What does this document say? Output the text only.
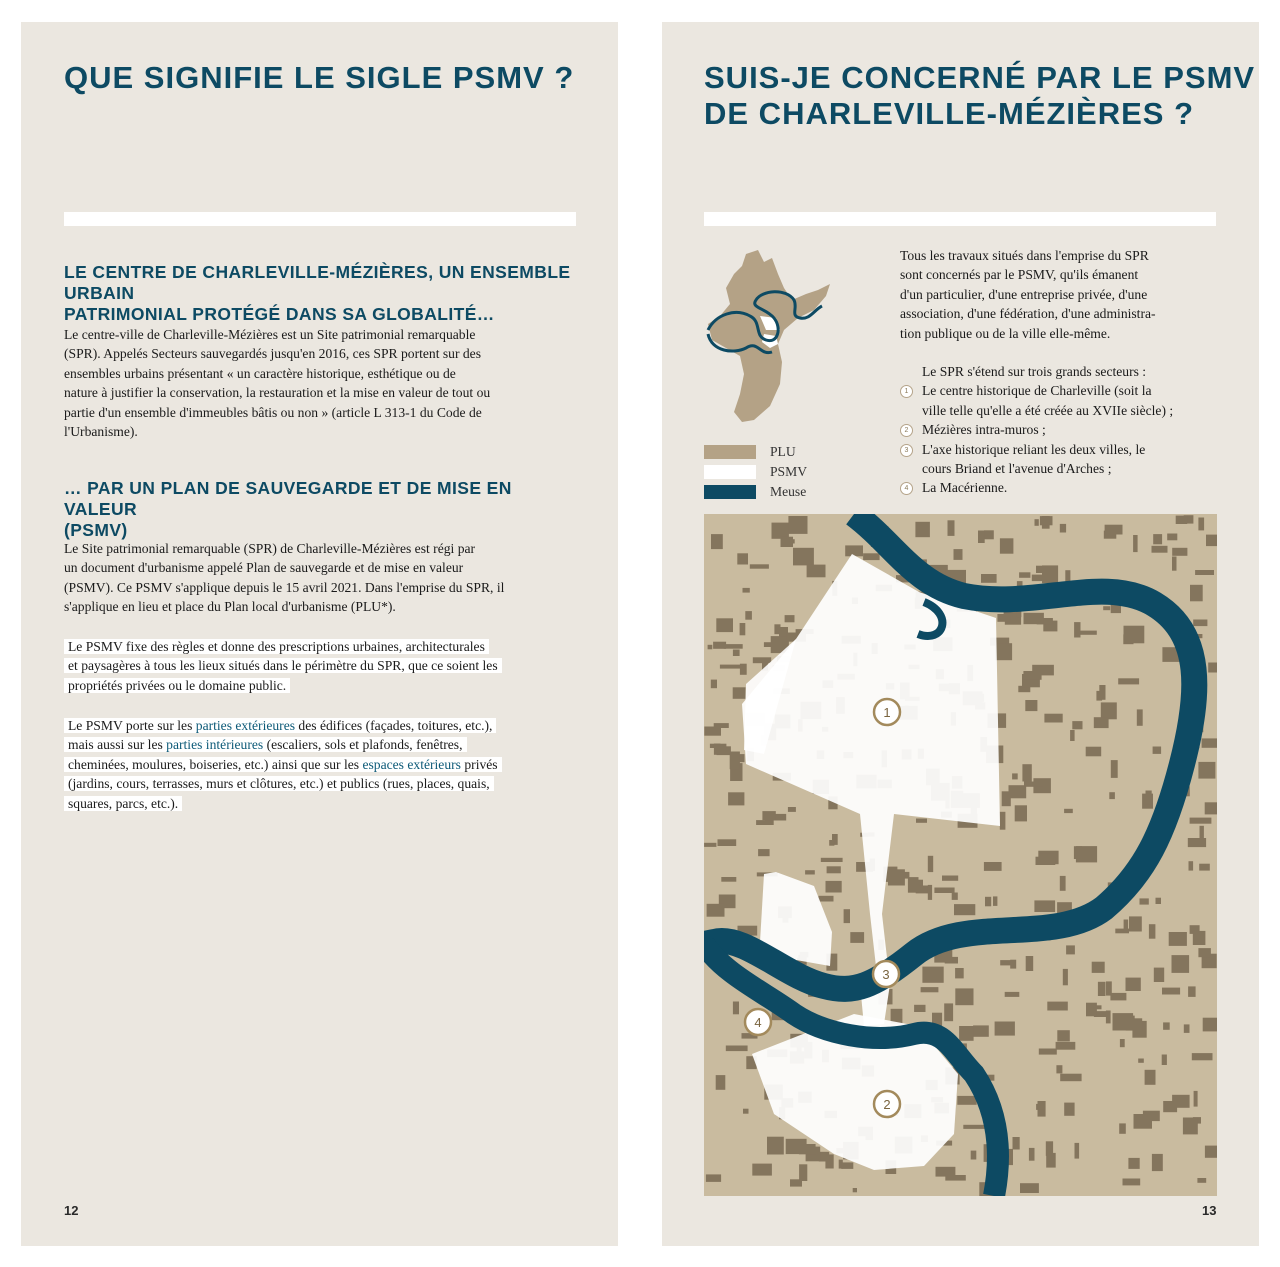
QUE SIGNIFIE LE SIGLE PSMV ?
LE CENTRE DE CHARLEVILLE-MÉZIÈRES, UN ENSEMBLE URBAIN
PATRIMONIAL PROTÉGÉ DANS SA GLOBALITÉ…
Le centre-ville de Charleville-Mézières est un Site patrimonial remarquable
(SPR). Appelés Secteurs sauvegardés jusqu'en 2016, ces SPR portent sur des
ensembles urbains présentant « un caractère historique, esthétique ou de
nature à justifier la conservation, la restauration et la mise en valeur de tout ou
partie d'un ensemble d'immeubles bâtis ou non » (article L 313-1 du Code de
l'Urbanisme).
… PAR UN PLAN DE SAUVEGARDE ET DE MISE EN VALEUR
(PSMV)
Le Site patrimonial remarquable (SPR) de Charleville-Mézières est régi par
un document d'urbanisme appelé Plan de sauvegarde et de mise en valeur
(PSMV). Ce PSMV s'applique depuis le 15 avril 2021. Dans l'emprise du SPR, il
s'applique en lieu et place du Plan local d'urbanisme (PLU*).
Le PSMV fixe des règles et donne des prescriptions urbaines, architecturales
et paysagères à tous les lieux situés dans le périmètre du SPR, que ce soient les
propriétés privées ou le domaine public.
Le PSMV porte sur les parties extérieures des édifices (façades, toitures, etc.),
mais aussi sur les parties intérieures (escaliers, sols et plafonds, fenêtres,
cheminées, moulures, boiseries, etc.) ainsi que sur les espaces extérieurs privés
(jardins, cours, terrasses, murs et clôtures, etc.) et publics (rues, places, quais,
squares, parcs, etc.).
12
SUIS-JE CONCERNÉ PAR LE PSMV
DE CHARLEVILLE-MÉZIÈRES ?
PLU
PSMV
Meuse
Tous les travaux situés dans l'emprise du SPR
sont concernés par le PSMV, qu'ils émanent
d'un particulier, d'une entreprise privée, d'une
association, d'une fédération, d'une administra-
tion publique ou de la ville elle-même.
Le SPR s'étend sur trois grands secteurs :
1 Le centre historique de Charleville (soit la
ville telle qu'elle a été créée au XVIIe siècle) ;
2 Mézières intra-muros ;
3 L'axe historique reliant les deux villes, le
cours Briand et l'avenue d'Arches ;
4 La Macérienne.
1
2
3
4
13
